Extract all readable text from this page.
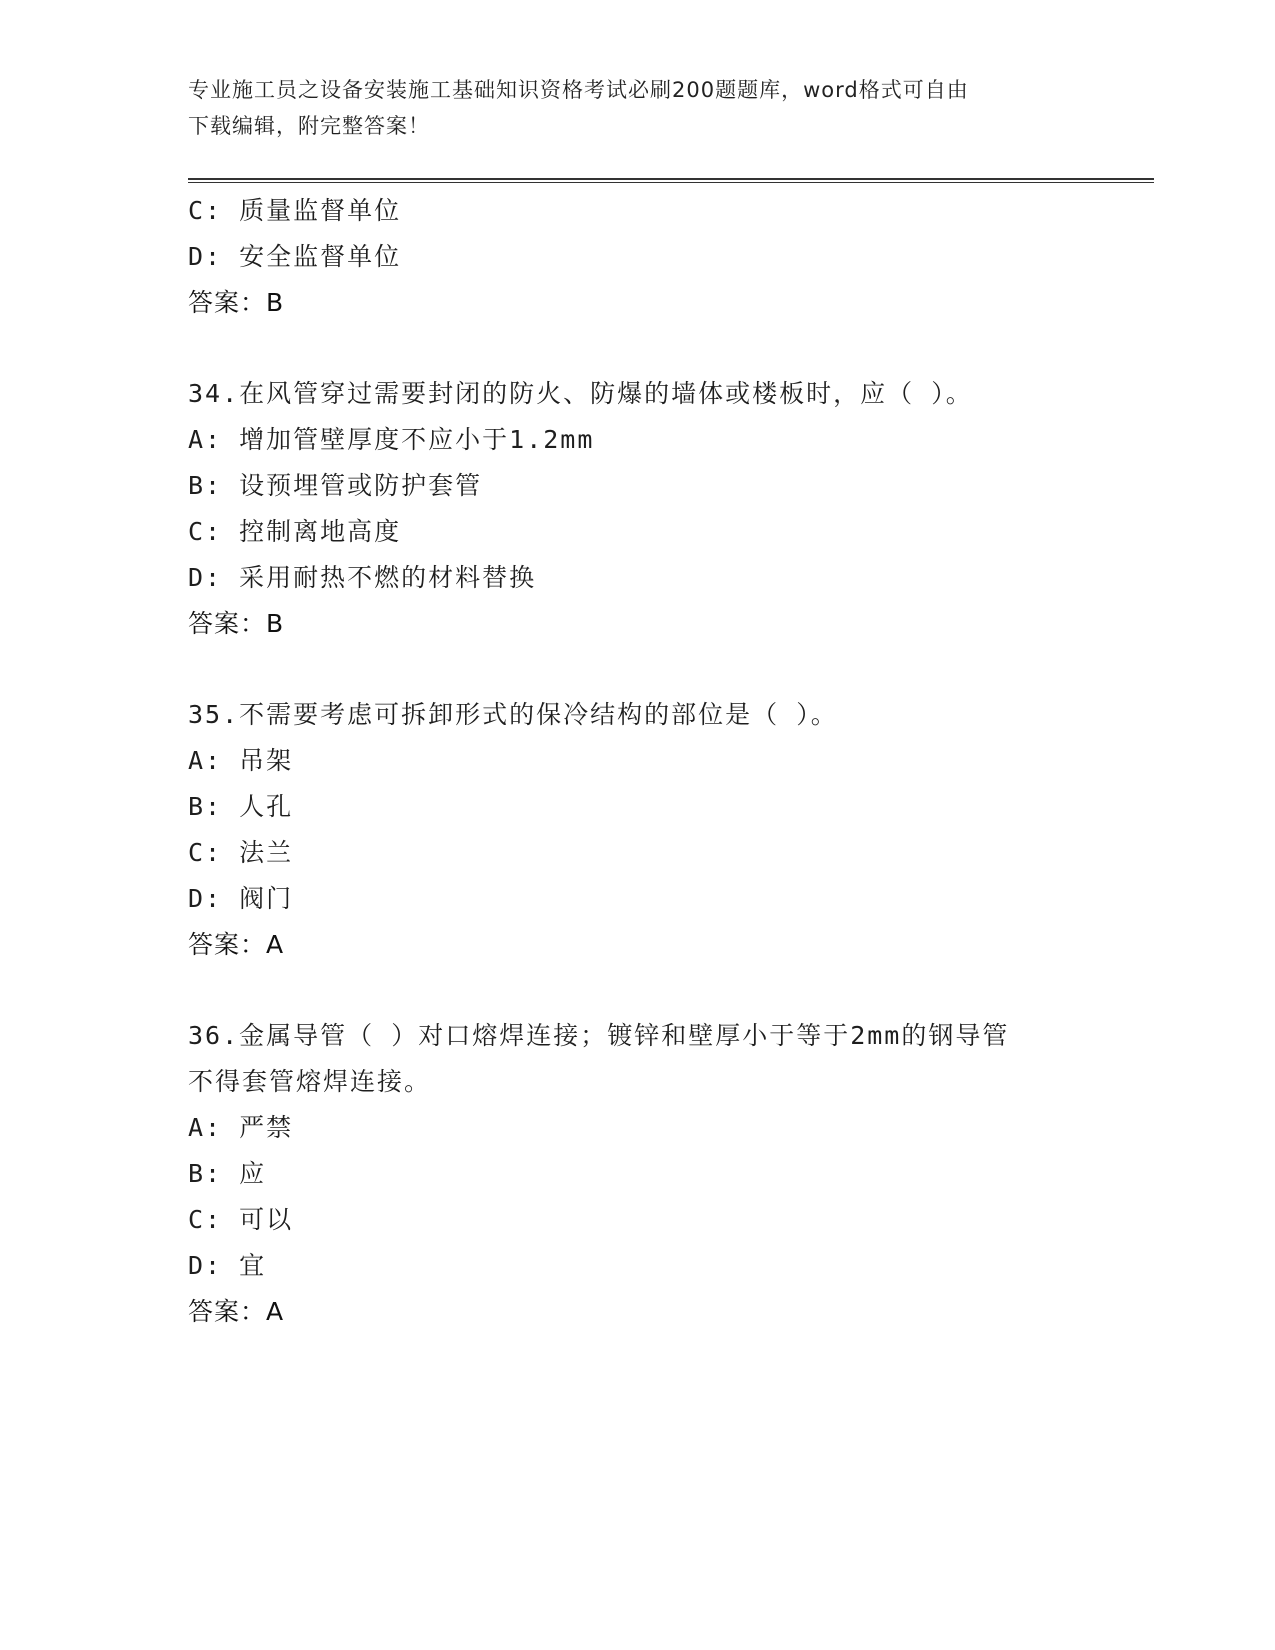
专业施工员之设备安装施工基础知识资格考试必刷200题题库，word格式可自由
下载编辑，附完整答案！
C: 质量监督单位
D: 安全监督单位
答案：B
34.在风管穿过需要封闭的防火、防爆的墙体或楼板时，应（ ）。
A: 增加管壁厚度不应小于1.2mm
B: 设预埋管或防护套管
C: 控制离地高度
D: 采用耐热不燃的材料替换
答案：B
35.不需要考虑可拆卸形式的保冷结构的部位是（ ）。
A: 吊架
B: 人孔
C: 法兰
D: 阀门
答案：A
36.金属导管（ ）对口熔焊连接；镀锌和壁厚小于等于2mm的钢导管
不得套管熔焊连接。
A: 严禁
B: 应
C: 可以
D: 宜
答案：A
